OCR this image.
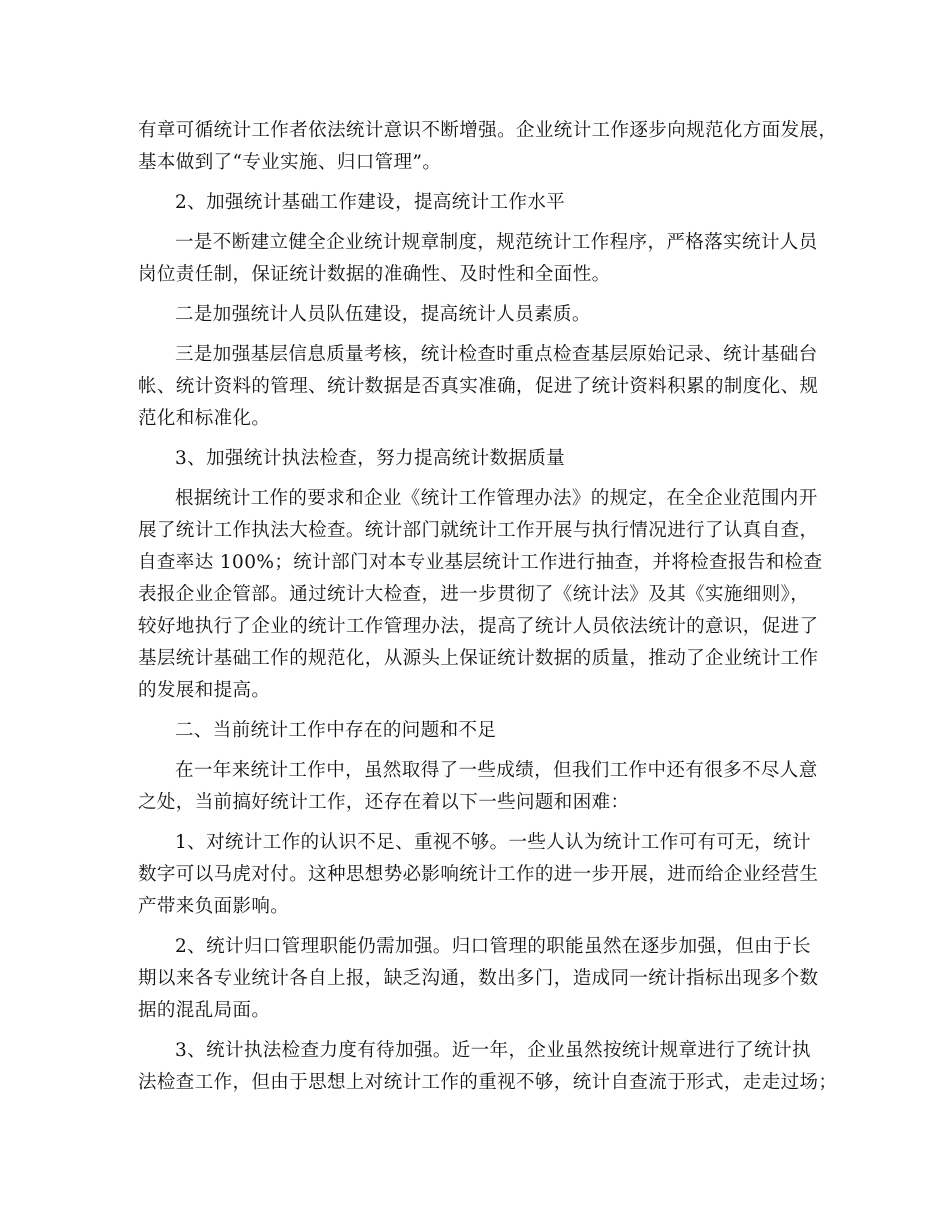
有章可循统计工作者依法统计意识不断增强。企业统计工作逐步向规范化方面发展，
基本做到了“专业实施、归口管理”。
2、加强统计基础工作建设，提高统计工作水平
一是不断建立健全企业统计规章制度，规范统计工作程序，严格落实统计人员
岗位责任制，保证统计数据的准确性、及时性和全面性。
二是加强统计人员队伍建设，提高统计人员素质。
三是加强基层信息质量考核，统计检查时重点检查基层原始记录、统计基础台
帐、统计资料的管理、统计数据是否真实准确，促进了统计资料积累的制度化、规
范化和标准化。
3、加强统计执法检查，努力提高统计数据质量
根据统计工作的要求和企业《统计工作管理办法》的规定，在全企业范围内开
展了统计工作执法大检查。统计部门就统计工作开展与执行情况进行了认真自查，
自查率达 100%；统计部门对本专业基层统计工作进行抽查，并将检查报告和检查
表报企业企管部。通过统计大检查，进一步贯彻了《统计法》及其《实施细则》，
较好地执行了企业的统计工作管理办法，提高了统计人员依法统计的意识，促进了
基层统计基础工作的规范化，从源头上保证统计数据的质量，推动了企业统计工作
的发展和提高。
二、当前统计工作中存在的问题和不足
在一年来统计工作中，虽然取得了一些成绩，但我们工作中还有很多不尽人意
之处，当前搞好统计工作，还存在着以下一些问题和困难：
1、对统计工作的认识不足、重视不够。一些人认为统计工作可有可无，统计
数字可以马虎对付。这种思想势必影响统计工作的进一步开展，进而给企业经营生
产带来负面影响。
2、统计归口管理职能仍需加强。归口管理的职能虽然在逐步加强，但由于长
期以来各专业统计各自上报，缺乏沟通，数出多门，造成同一统计指标出现多个数
据的混乱局面。
3、统计执法检查力度有待加强。近一年，企业虽然按统计规章进行了统计执
法检查工作，但由于思想上对统计工作的重视不够，统计自查流于形式，走走过场；
